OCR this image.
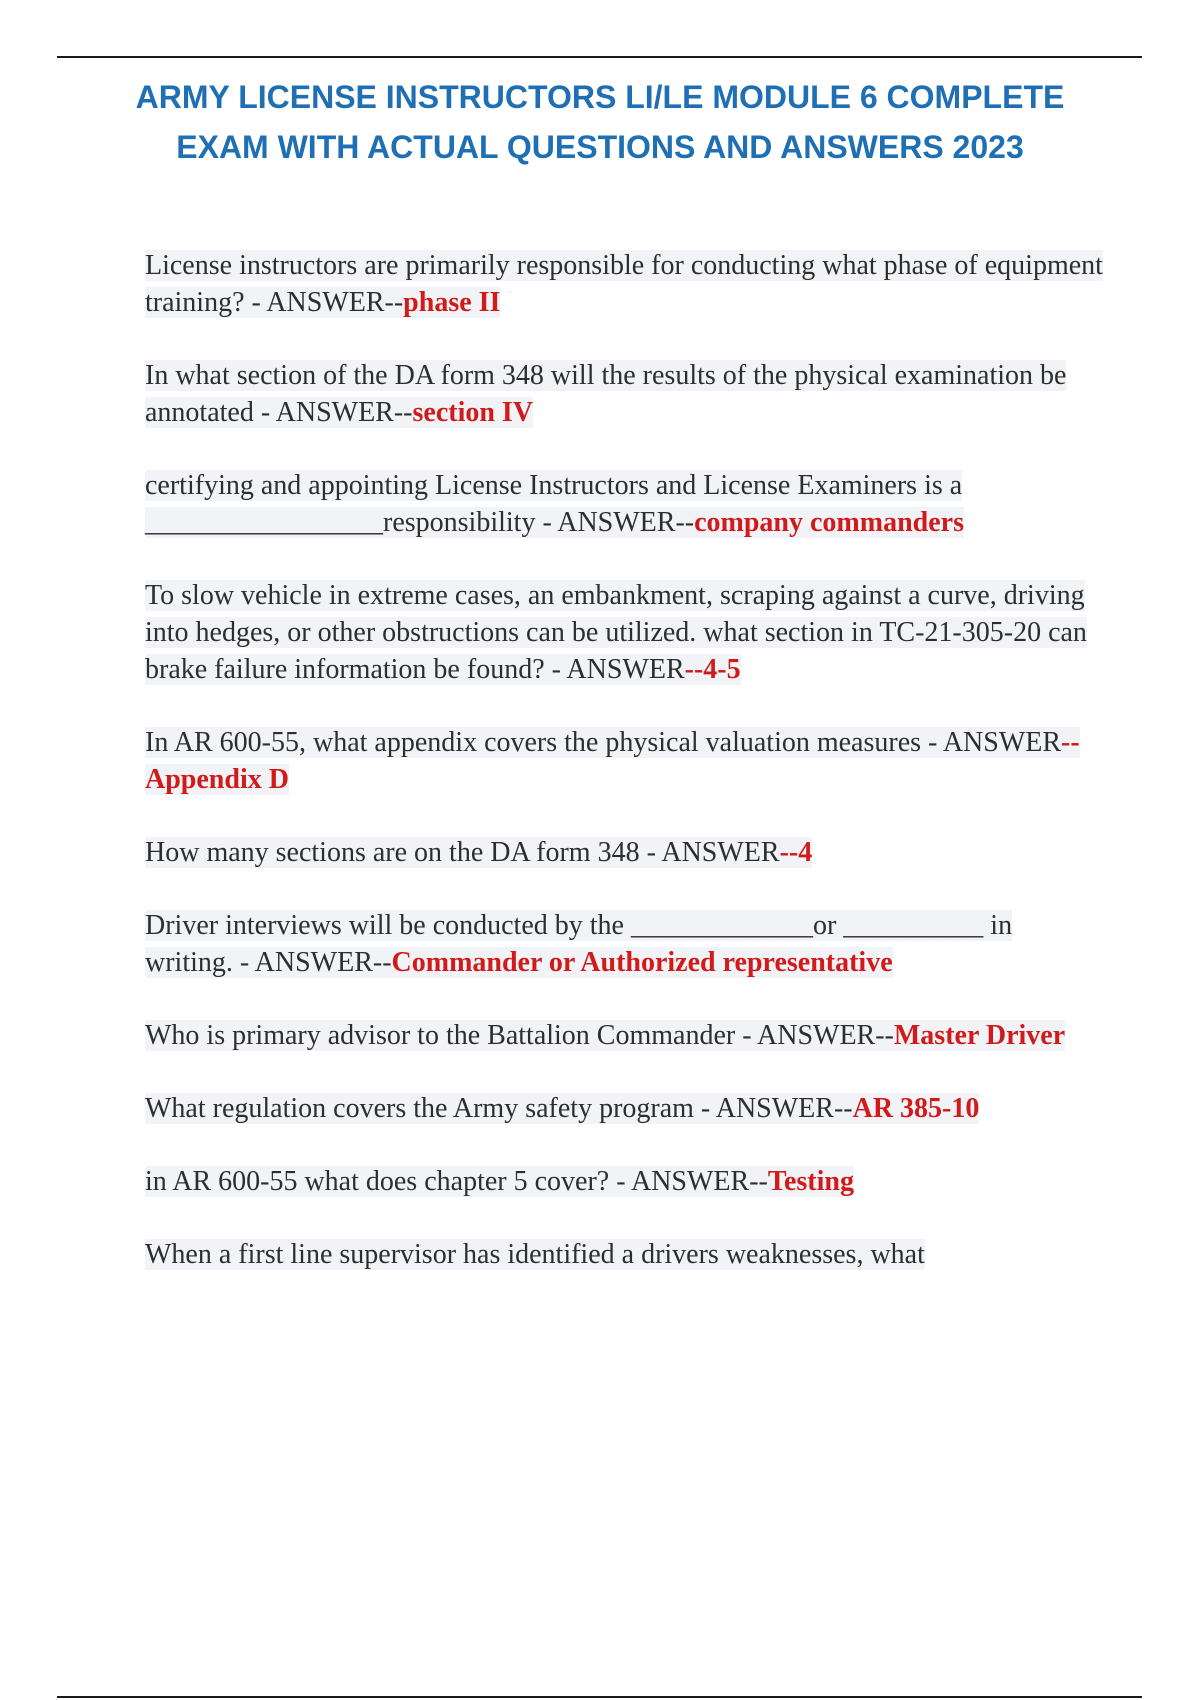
ARMY LICENSE INSTRUCTORS LI/LE MODULE 6 COMPLETE EXAM WITH ACTUAL QUESTIONS AND ANSWERS 2023

License instructors are primarily responsible for conducting what phase of equipment training? - ANSWER--phase II

In what section of the DA form 348 will the results of the physical examination be annotated - ANSWER--section IV

certifying and appointing License Instructors and License Examiners is a _________________responsibility - ANSWER--company commanders

To slow vehicle in extreme cases, an embankment, scraping against a curve, driving into hedges, or other obstructions can be utilized. what section in TC-21-305-20 can brake failure information be found? - ANSWER--4-5

In AR 600-55, what appendix covers the physical valuation measures - ANSWER--Appendix D

How many sections are on the DA form 348 - ANSWER--4

Driver interviews will be conducted by the _____________or __________ in writing. - ANSWER--Commander or Authorized representative

Who is primary advisor to the Battalion Commander - ANSWER--Master Driver

What regulation covers the Army safety program - ANSWER--AR 385-10

in AR 600-55 what does chapter 5 cover? - ANSWER--Testing

When a first line supervisor has identified a drivers weaknesses, what
